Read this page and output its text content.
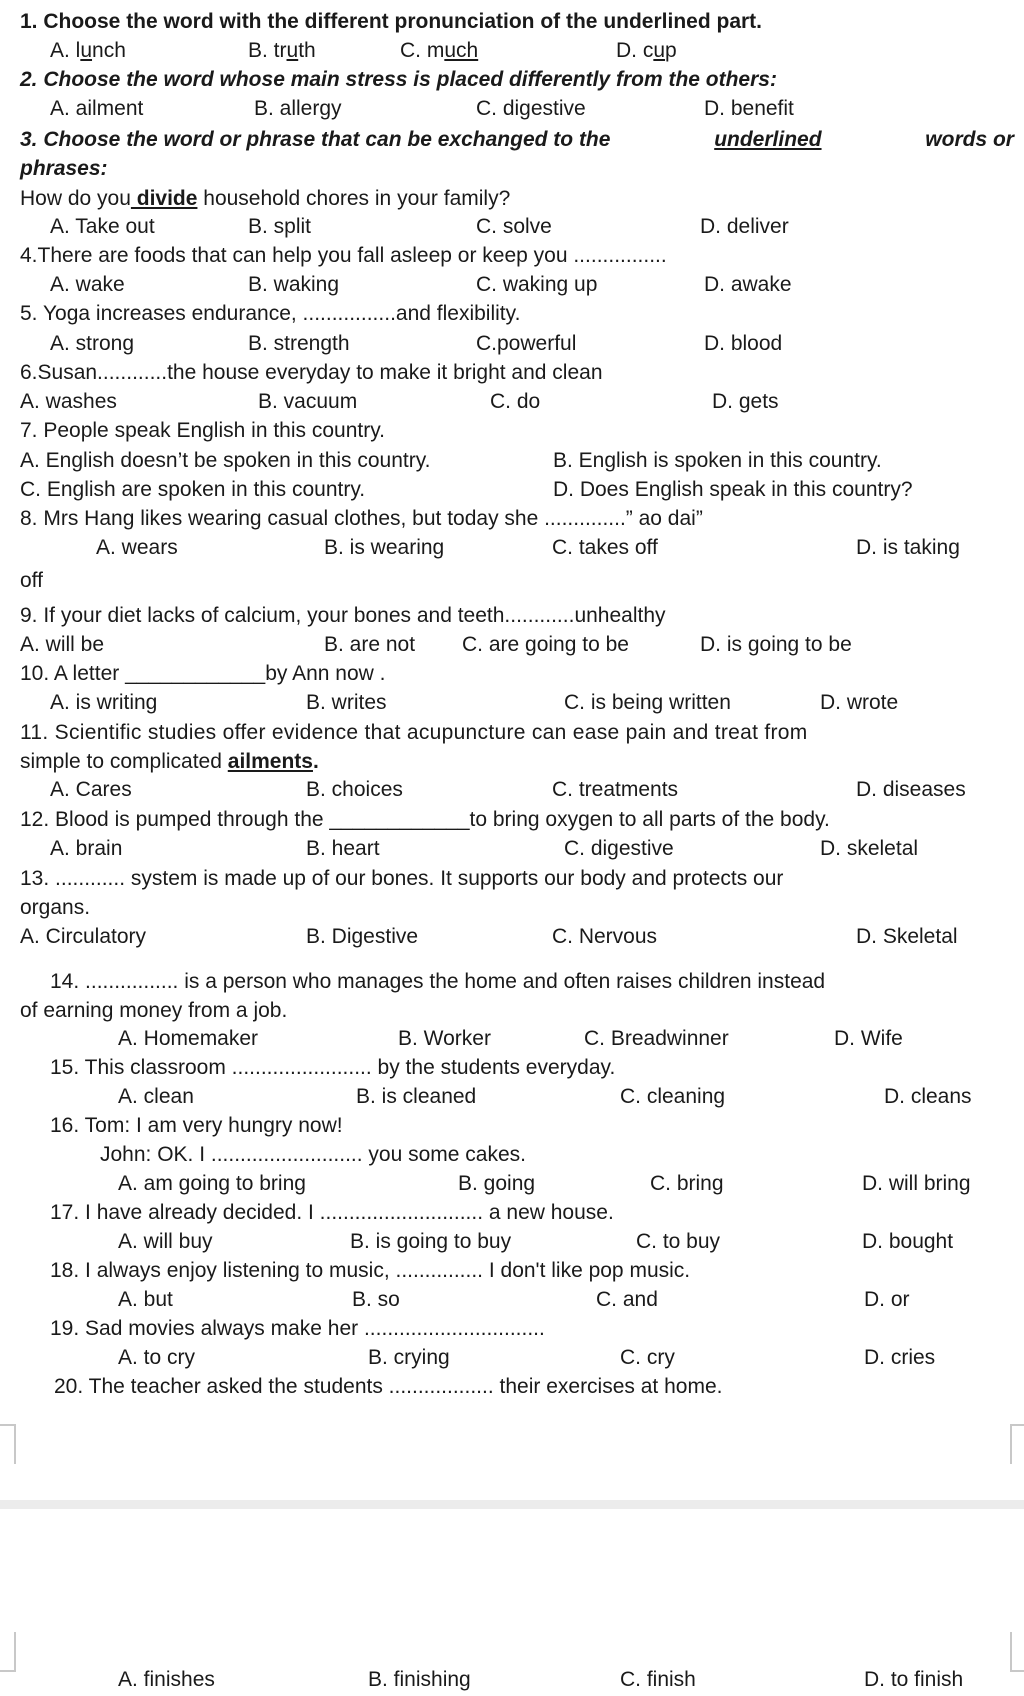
1. Choose the word with the different pronunciation of the underlined part.
A. lunch	B. truth	C. much	D. cup
2. Choose the word whose main stress is placed differently from the others:
A. ailment	B. allergy	C. digestive	D. benefit
3. Choose the word or phrase that can be exchanged to the	underlined	words or
phrases:
How do you divide household chores in your family?
A. Take out	B. split	C. solve	D. deliver
4.There are foods that can help you fall asleep or keep you ................
A. wake	B. waking	C. waking up	D. awake
5. Yoga increases endurance, ................and flexibility.
A. strong	B. strength	C.powerful	D. blood
6.Susan............the house everyday to make it bright and clean
A. washes	B. vacuum	C. do	D. gets
7. People speak English in this country.
A. English doesn’t be spoken in this country.	B. English is spoken in this country.
C. English are spoken in this country.	D. Does English speak in this country?
8. Mrs Hang likes wearing casual clothes, but today she ..............” ao dai”
A. wears	B. is wearing	C. takes off	D. is taking
off
9. If your diet lacks of calcium, your bones and teeth............unhealthy
A. will be	B. are not C. are going to be	D. is going to be
10. A letter ____________by Ann now .
A. is writing	B. writes	C. is being written	D. wrote
11. Scientific studies offer evidence that acupuncture can ease pain and treat from
simple to complicated ailments.
A. Cares	B. choices	C. treatments	D. diseases
12. Blood is pumped through the ____________to bring oxygen to all parts of the body.
A. brain	B. heart	C. digestive	D. skeletal
13. ............ system is made up of our bones. It supports our body and protects our
organs.
A. Circulatory	B. Digestive	C. Nervous	D. Skeletal
14. ................ is a person who manages the home and often raises children instead
of earning money from a job.
A. Homemaker	B. Worker	C. Breadwinner	D. Wife
15. This classroom ........................ by the students everyday.
A. clean	B. is cleaned	C. cleaning	D. cleans
16. Tom: I am very hungry now!
John: OK. I .......................... you some cakes.
A. am going to bring	B. going	C. bring	D. will bring
17. I have already decided. I ............................ a new house.
A. will buy	B. is going to buy	C. to buy	D. bought
18. I always enjoy listening to music, ............... I don't like pop music.
A. but	B. so	C. and	D. or
19. Sad movies always make her ...............................
A. to cry	B. crying	C. cry	D. cries
20. The teacher asked the students .................. their exercises at home.
A. finishes	B. finishing	C. finish	D. to finish
